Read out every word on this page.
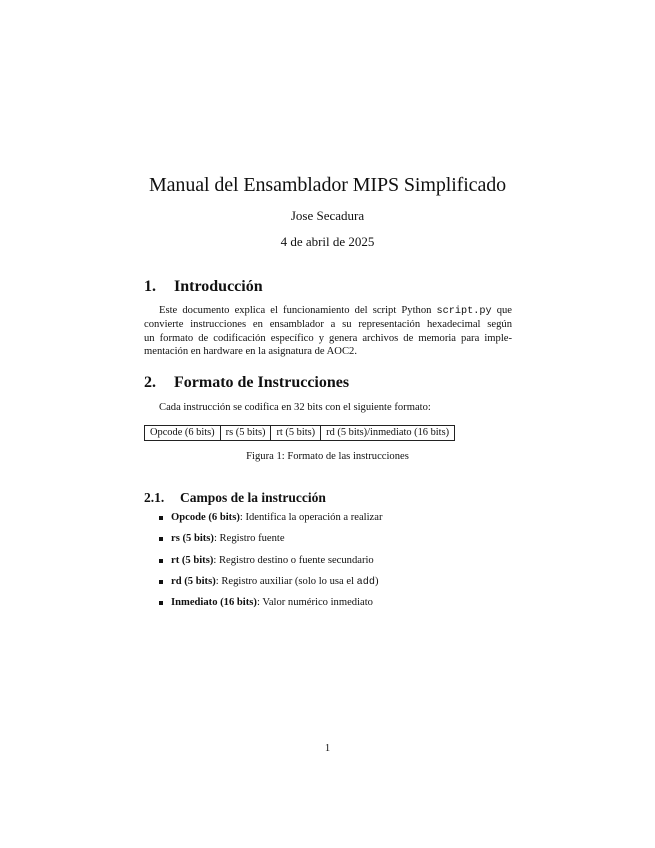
Manual del Ensamblador MIPS Simplificado
Jose Secadura
4 de abril de 2025
1. Introducción
Este documento explica el funcionamiento del script Python script.py que
convierte instrucciones en ensamblador a su representación hexadecimal según
un formato de codificación específico y genera archivos de memoria para imple-
mentación en hardware en la asignatura de AOC2.
2. Formato de Instrucciones
Cada instrucción se codifica en 32 bits con el siguiente formato:
Opcode (6 bits)	rs (5 bits)	rt (5 bits)	rd (5 bits)/inmediato (16 bits)
Figura 1: Formato de las instrucciones
2.1. Campos de la instrucción
Opcode (6 bits): Identifica la operación a realizar
rs (5 bits): Registro fuente
rt (5 bits): Registro destino o fuente secundario
rd (5 bits): Registro auxiliar (solo lo usa el add)
Inmediato (16 bits): Valor numérico inmediato
1
